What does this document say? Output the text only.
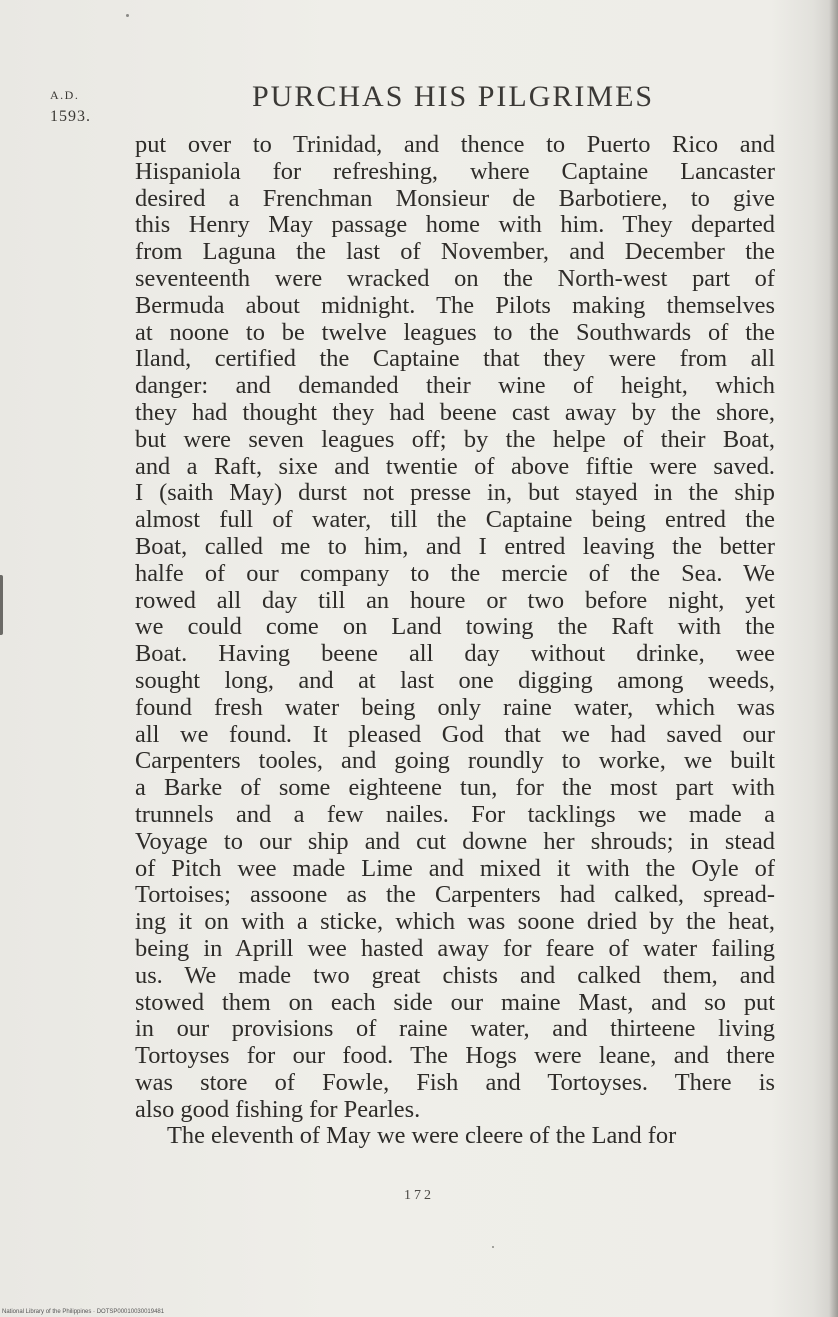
A.D.
1593.
PURCHAS HIS PILGRIMES
put over to Trinidad, and thence to Puerto Rico and
Hispaniola for refreshing, where Captaine Lancaster
desired a Frenchman Monsieur de Barbotiere, to give
this Henry May passage home with him. They departed
from Laguna the last of November, and December the
seventeenth were wracked on the North-west part of
Bermuda about midnight. The Pilots making themselves
at noone to be twelve leagues to the Southwards of the
Iland, certified the Captaine that they were from all
danger: and demanded their wine of height, which
they had thought they had beene cast away by the shore,
but were seven leagues off; by the helpe of their Boat,
and a Raft, sixe and twentie of above fiftie were saved.
I (saith May) durst not presse in, but stayed in the ship
almost full of water, till the Captaine being entred the
Boat, called me to him, and I entred leaving the better
halfe of our company to the mercie of the Sea. We
rowed all day till an houre or two before night, yet
we could come on Land towing the Raft with the
Boat. Having beene all day without drinke, wee
sought long, and at last one digging among weeds,
found fresh water being only raine water, which was
all we found. It pleased God that we had saved our
Carpenters tooles, and going roundly to worke, we built
a Barke of some eighteene tun, for the most part with
trunnels and a few nailes. For tacklings we made a
Voyage to our ship and cut downe her shrouds; in stead
of Pitch wee made Lime and mixed it with the Oyle of
Tortoises; assoone as the Carpenters had calked, spread-
ing it on with a sticke, which was soone dried by the heat,
being in Aprill wee hasted away for feare of water failing
us. We made two great chists and calked them, and
stowed them on each side our maine Mast, and so put
in our provisions of raine water, and thirteene living
Tortoyses for our food. The Hogs were leane, and there
was store of Fowle, Fish and Tortoyses. There is
also good fishing for Pearles.
The eleventh of May we were cleere of the Land for
172
National Library of the Philippines · DOTSP00010030019481
